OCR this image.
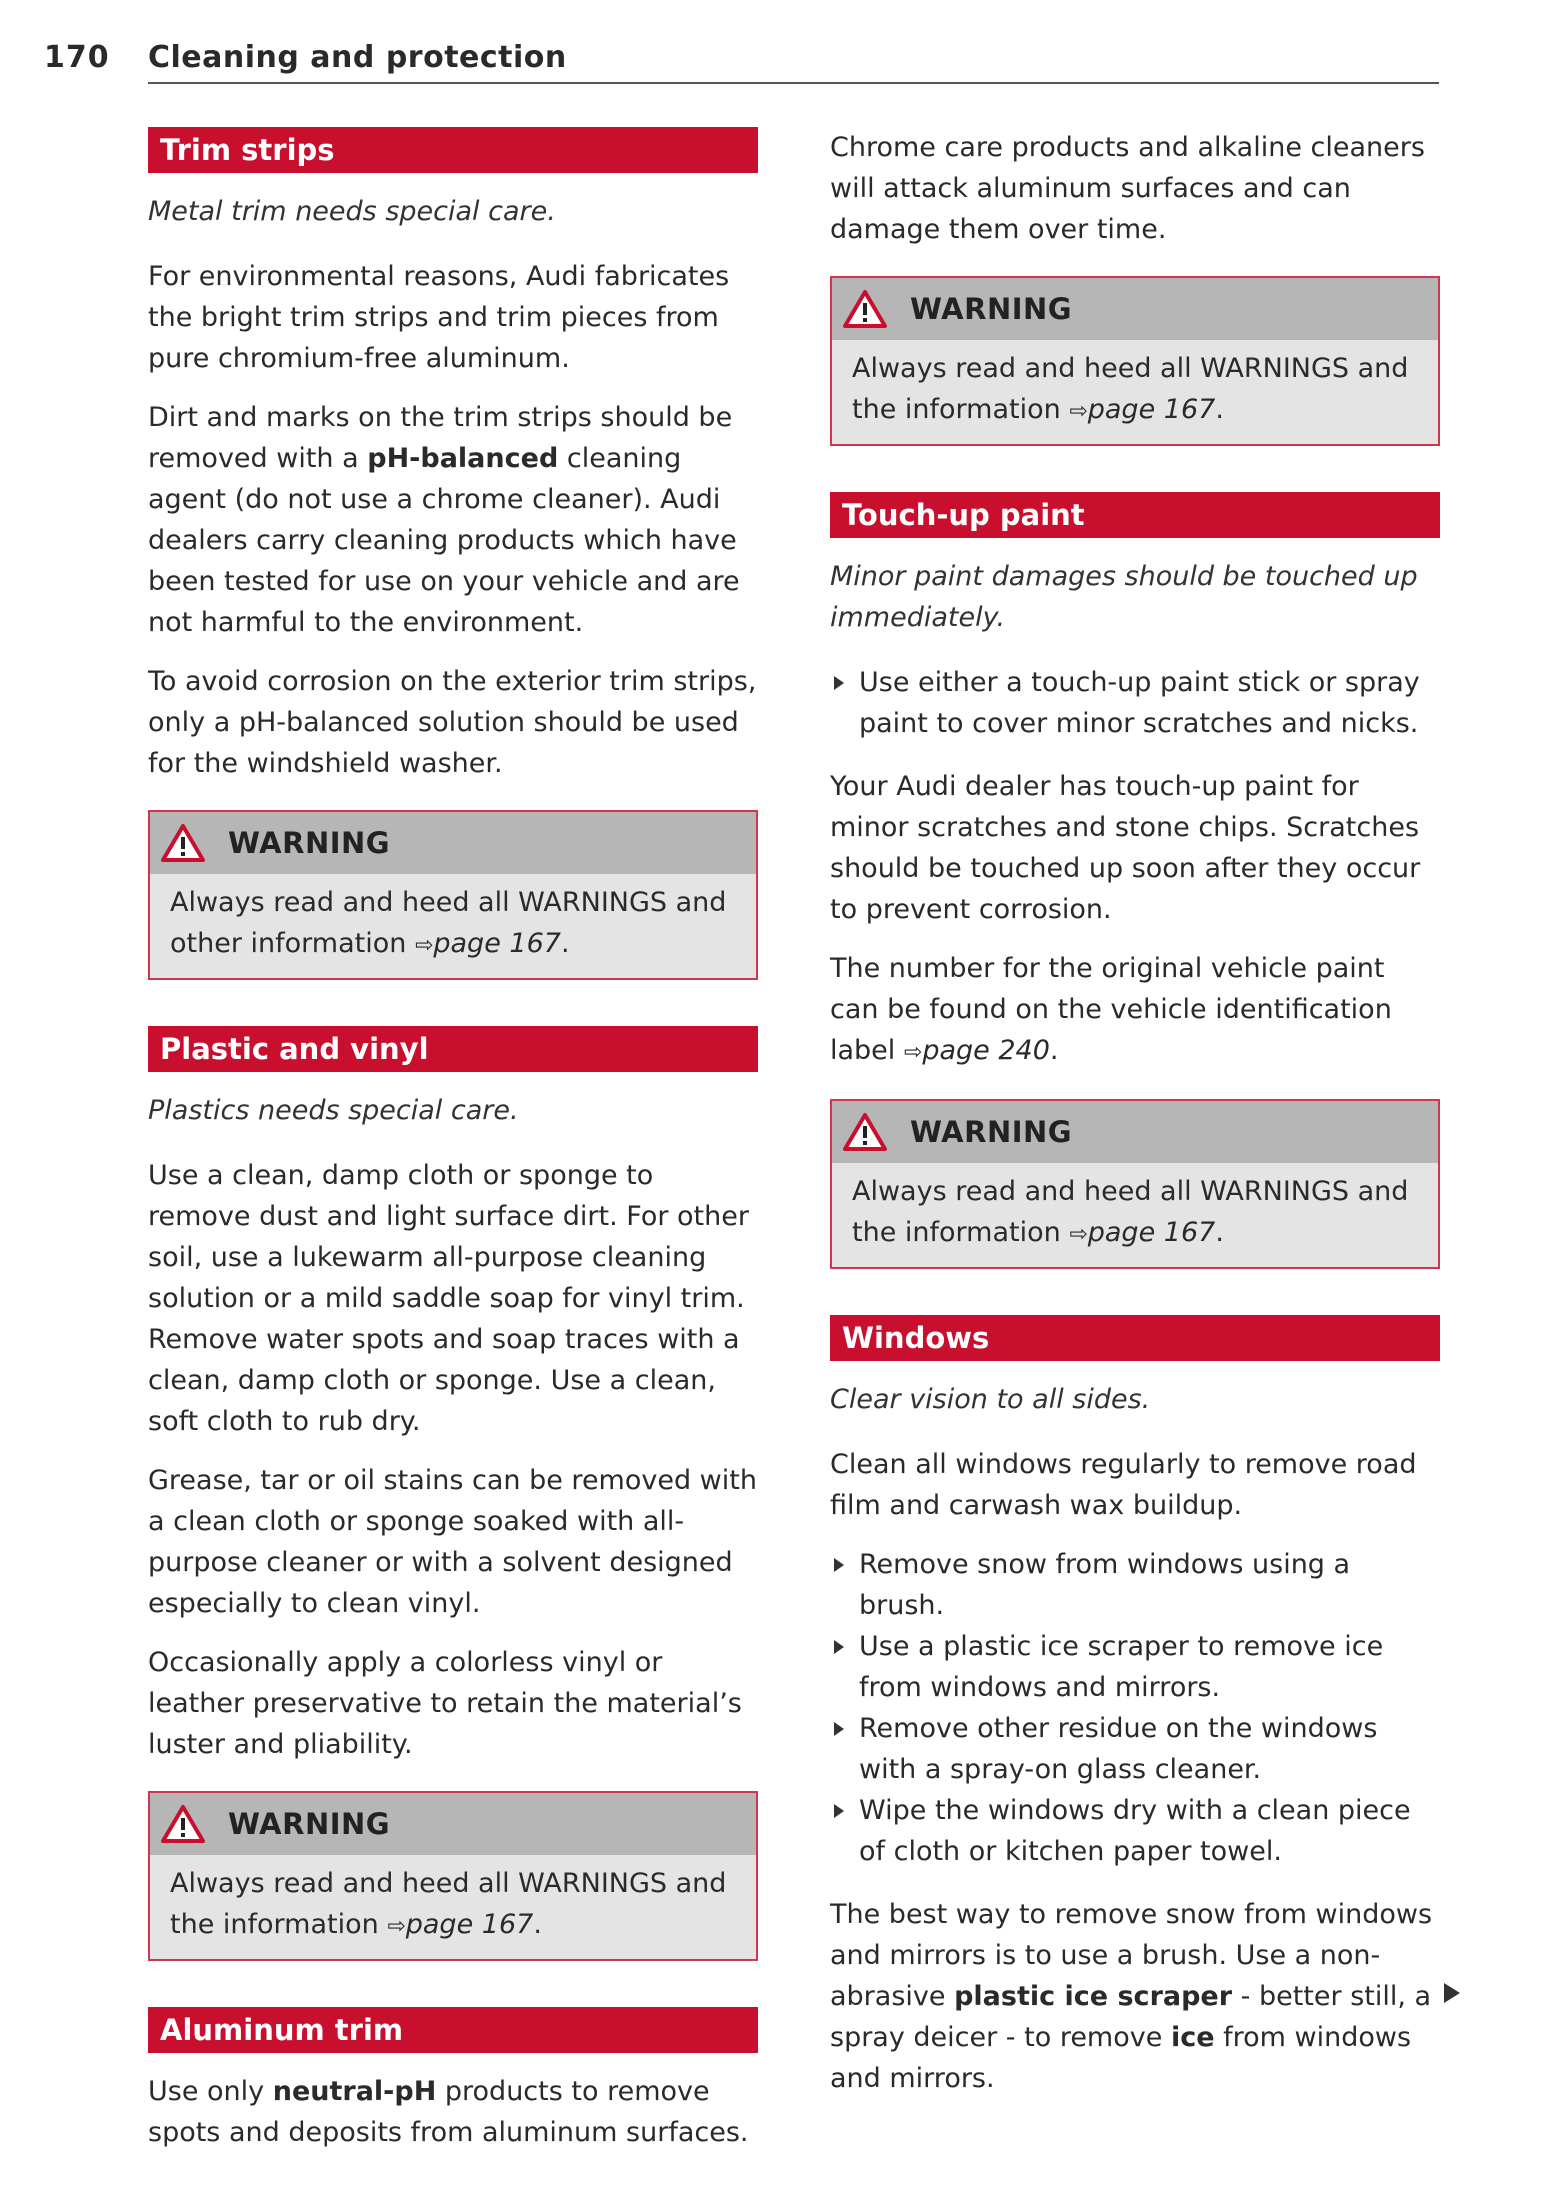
170 Cleaning and protection
Trim strips
Metal trim needs special care.

For environmental reasons, Audi fabricates the bright trim strips and trim pieces from pure chromium-free aluminum.

Dirt and marks on the trim strips should be removed with a pH-balanced cleaning agent (do not use a chrome cleaner). Audi dealers carry cleaning products which have been tested for use on your vehicle and are not harmful to the environment.

To avoid corrosion on the exterior trim strips, only a pH-balanced solution should be used for the windshield washer.

WARNING
Always read and heed all WARNINGS and other information ⇨page 167.
Plastic and vinyl
Plastics needs special care.

Use a clean, damp cloth or sponge to remove dust and light surface dirt. For other soil, use a lukewarm all-purpose cleaning solution or a mild saddle soap for vinyl trim. Remove water spots and soap traces with a clean, damp cloth or sponge. Use a clean, soft cloth to rub dry.

Grease, tar or oil stains can be removed with a clean cloth or sponge soaked with all-purpose cleaner or with a solvent designed especially to clean vinyl.

Occasionally apply a colorless vinyl or leather preservative to retain the material’s luster and pliability.

WARNING
Always read and heed all WARNINGS and the information ⇨page 167.
Aluminum trim

Use only neutral-pH products to remove spots and deposits from aluminum surfaces.

Chrome care products and alkaline cleaners will attack aluminum surfaces and can damage them over time.

WARNING
Always read and heed all WARNINGS and the information ⇨page 167.
Touch-up paint
Minor paint damages should be touched up immediately.
Use either a touch-up paint stick or spray paint to cover minor scratches and nicks.

Your Audi dealer has touch-up paint for minor scratches and stone chips. Scratches should be touched up soon after they occur to prevent corrosion.

The number for the original vehicle paint can be found on the vehicle identification label ⇨page 240.

WARNING
Always read and heed all WARNINGS and the information ⇨page 167.
Windows
Clear vision to all sides.

Clean all windows regularly to remove road film and carwash wax buildup.

Remove snow from windows using a brush.
Use a plastic ice scraper to remove ice from windows and mirrors.
Remove other residue on the windows with a spray-on glass cleaner.
Wipe the windows dry with a clean piece of cloth or kitchen paper towel.

The best way to remove snow from windows and mirrors is to use a brush. Use a non-abrasive plastic ice scraper - better still, a spray deicer - to remove ice from windows and mirrors.
